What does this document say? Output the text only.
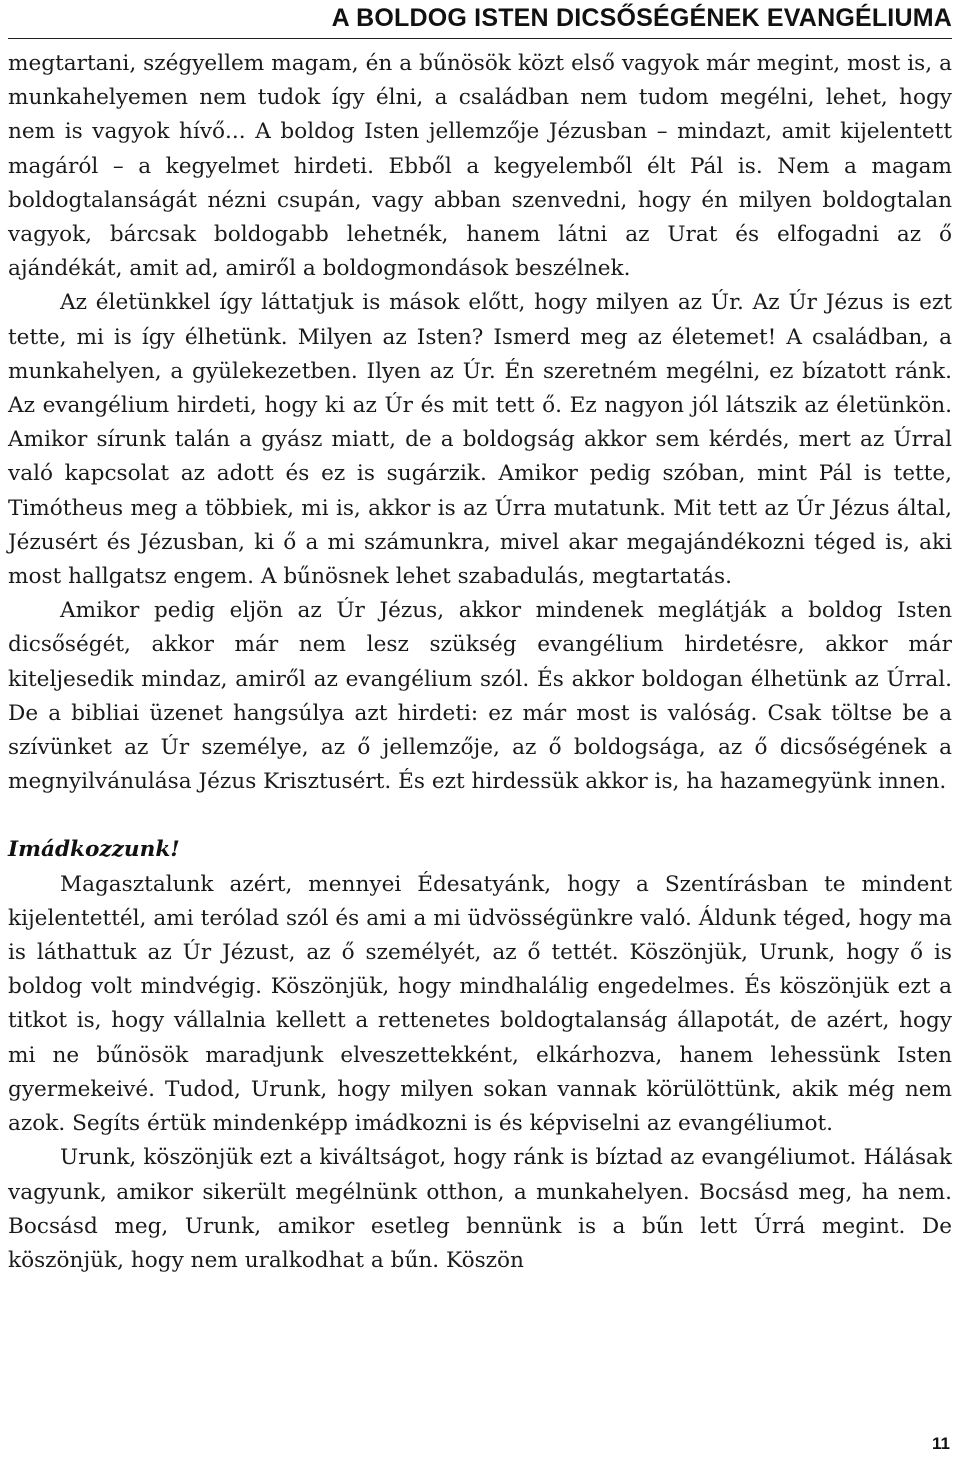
A BOLDOG ISTEN DICSŐSÉGÉNEK EVANGÉLIUMA

megtartani, szégyellem magam, én a bűnösök közt első vagyok már megint, most is, a munkahelyemen nem tudok így élni, a családban nem tudom megélni, lehet, hogy nem is vagyok hívő... A boldog Isten jellemzője Jézusban – mindazt, amit kijelentett magáról – a kegyelmet hirdeti. Ebből a kegyelemből élt Pál is. Nem a magam boldogtalanságát nézni csupán, vagy abban szenvedni, hogy én milyen boldogtalan vagyok, bárcsak boldogabb lehetnék, hanem látni az Urat és elfogadni az ő ajándékát, amit ad, amiről a boldogmondások beszélnek.

Az életünkkel így láttatjuk is mások előtt, hogy milyen az Úr. Az Úr Jézus is ezt tette, mi is így élhetünk. Milyen az Isten? Ismerd meg az életemet! A családban, a munkahelyen, a gyülekezetben. Ilyen az Úr. Én szeretném megélni, ez bízatott ránk. Az evangélium hirdeti, hogy ki az Úr és mit tett ő. Ez nagyon jól látszik az életünkön. Amikor sírunk talán a gyász miatt, de a boldogság akkor sem kérdés, mert az Úrral való kapcsolat az adott és ez is sugárzik. Amikor pedig szóban, mint Pál is tette, Timótheus meg a többiek, mi is, akkor is az Úrra mutatunk. Mit tett az Úr Jézus által, Jézusért és Jézusban, ki ő a mi számunkra, mivel akar megajándékozni téged is, aki most hallgatsz engem. A bűnösnek lehet szabadulás, megtartatás.

Amikor pedig eljön az Úr Jézus, akkor mindenek meglátják a boldog Isten dicsőségét, akkor már nem lesz szükség evangélium hirdetésre, akkor már kiteljesedik mindaz, amiről az evangélium szól. És akkor boldogan élhetünk az Úrral. De a bibliai üzenet hangsúlya azt hirdeti: ez már most is valóság. Csak töltse be a szívünket az Úr személye, az ő jellemzője, az ő boldogsága, az ő dicsőségének a megnyilvánulása Jézus Krisztusért. És ezt hirdessük akkor is, ha hazamegyünk innen.

Imádkozzunk!

Magasztalunk azért, mennyei Édesatyánk, hogy a Szentírásban te mindent kijelentettél, ami terólad szól és ami a mi üdvösségünkre való. Áldunk téged, hogy ma is láthattuk az Úr Jézust, az ő személyét, az ő tettét. Köszönjük, Urunk, hogy ő is boldog volt mindvégig. Köszönjük, hogy mindhalálig engedelmes. És köszönjük ezt a titkot is, hogy vállalnia kellett a rettenetes boldogtalanság állapotát, de azért, hogy mi ne bűnösök maradjunk elveszettekként, elkárhozva, hanem lehessünk Isten gyermekeivé. Tudod, Urunk, hogy milyen sokan vannak körülöttünk, akik még nem azok. Segíts értük mindenképp imádkozni is és képviselni az evangéliumot.

Urunk, köszönjük ezt a kiváltságot, hogy ránk is bíztad az evangéliumot. Hálásak vagyunk, amikor sikerült megélnünk otthon, a munkahelyen. Bocsásd meg, ha nem. Bocsásd meg, Urunk, amikor esetleg bennünk is a bűn lett Úrrá megint. De köszönjük, hogy nem uralkodhat a bűn. Köszön

11
